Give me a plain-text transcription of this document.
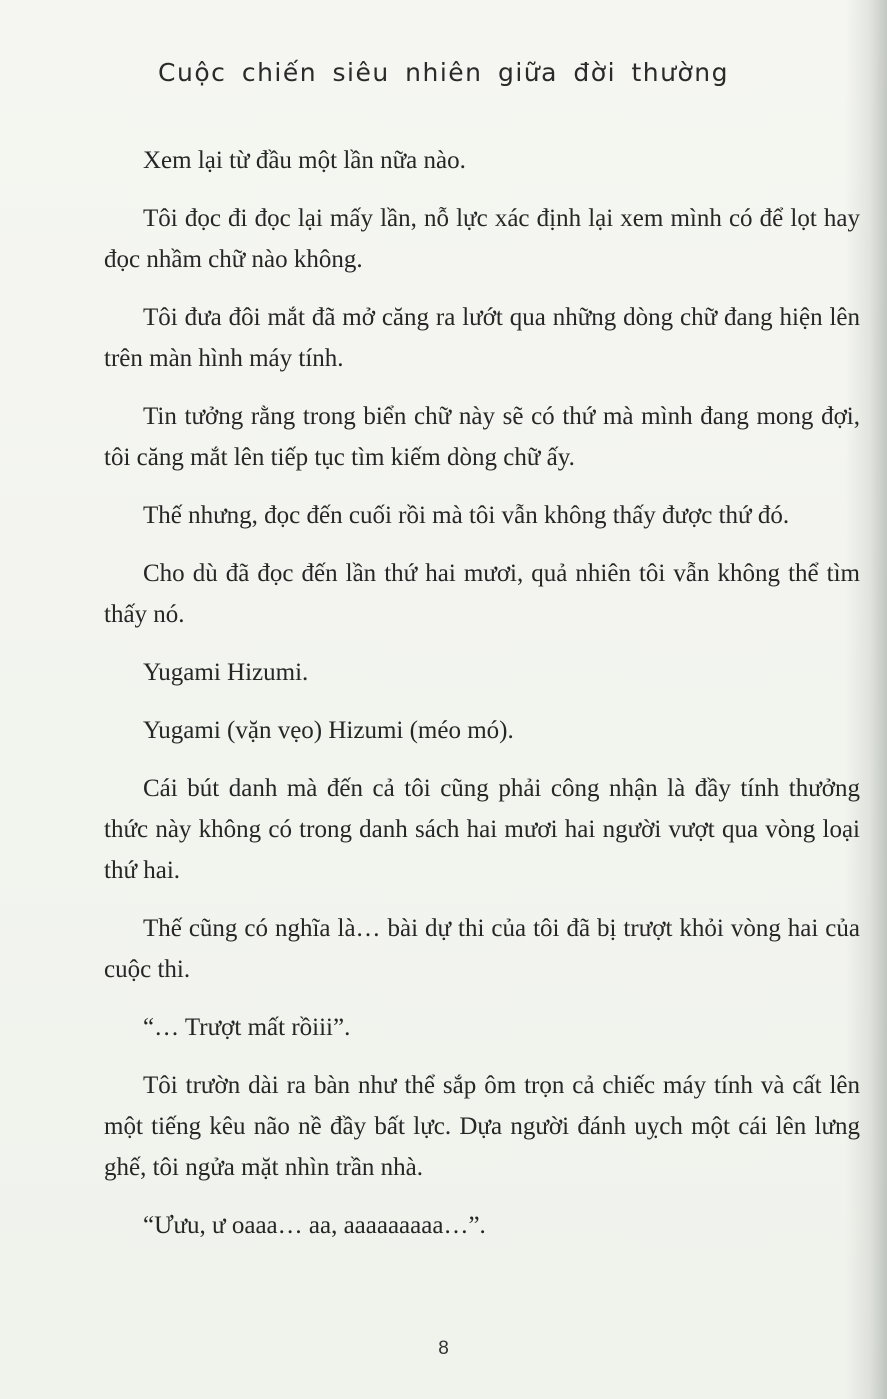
Cuộc chiến siêu nhiên giữa đời thường

Xem lại từ đầu một lần nữa nào.

Tôi đọc đi đọc lại mấy lần, nỗ lực xác định lại xem mình có để lọt hay đọc nhầm chữ nào không.

Tôi đưa đôi mắt đã mở căng ra lướt qua những dòng chữ đang hiện lên trên màn hình máy tính.

Tin tưởng rằng trong biển chữ này sẽ có thứ mà mình đang mong đợi, tôi căng mắt lên tiếp tục tìm kiếm dòng chữ ấy.

Thế nhưng, đọc đến cuối rồi mà tôi vẫn không thấy được thứ đó.

Cho dù đã đọc đến lần thứ hai mươi, quả nhiên tôi vẫn không thể tìm thấy nó.

Yugami Hizumi.

Yugami (vặn vẹo) Hizumi (méo mó).

Cái bút danh mà đến cả tôi cũng phải công nhận là đầy tính thưởng thức này không có trong danh sách hai mươi hai người vượt qua vòng loại thứ hai.

Thế cũng có nghĩa là… bài dự thi của tôi đã bị trượt khỏi vòng hai của cuộc thi.

“… Trượt mất rồiii”.

Tôi trườn dài ra bàn như thể sắp ôm trọn cả chiếc máy tính và cất lên một tiếng kêu não nề đầy bất lực. Dựa người đánh uỵch một cái lên lưng ghế, tôi ngửa mặt nhìn trần nhà.

“Ưưu, ư oaaa… aa, aaaaaaaaa…”.

8
